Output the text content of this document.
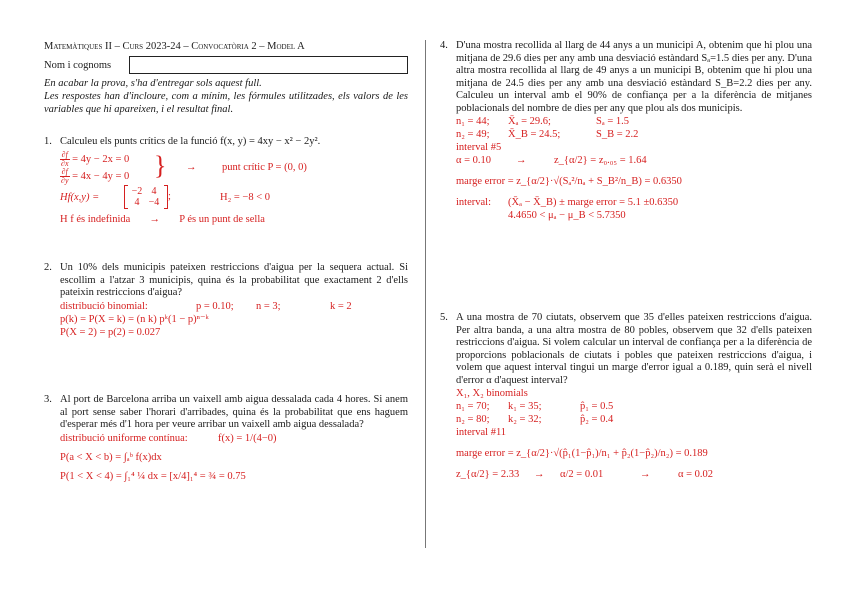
Matemàtiques II – Curs 2023-24 – Convocatòria 2 – Model A
Nom i cognoms
En acabar la prova, s'ha d'entregar sols aquest full.
Les respostes han d'incloure, com a mínim, les fórmules utilitzades, els valors de les variables que hi apareixen, i el resultat final.
1. Calculeu els punts crítics de la funció f(x, y) = 4xy − x² − 2y².
$\frac{\partial f}{\partial x} = 4y - 2x = 0$
$\frac{\partial f}{\partial y} = 4x - 4y = 0$ } → punt crític P = (0, 0)
Hf(x,y) =
−2 4
4 −4 ;	H₂ = −8 < 0
H f és indefinida → P és un punt de sella
2. Un 10% dels municipis pateixen restriccions d'aigua per la sequera actual. Si escollim a l'atzar 3 municipis, quina és la probabilitat que exactament 2 d'ells pateixin restriccions d'aigua?
distribució binomial:	p = 0.10; n = 3;	k = 2
p(k) = P(X = k) = (n k) pᵏ(1 − p)ⁿ⁻ᵏ
P(X = 2) = p(2) = 0.027
3. Al port de Barcelona arriba un vaixell amb aigua dessalada cada 4 hores. Si anem al port sense saber l'horari d'arribades, quina és la probabilitat que ens haguem d'esperar més d'1 hora per veure arribar un vaixell amb aigua dessalada?
distribució uniforme contínua:	f(x) = 1/(4−0)
P(a < X < b) = ∫ₐᵇ f(x)dx
P(1 < X < 4) = ∫₁⁴ ¼ dx = [x/4]₁⁴ = ¾ = 0.75
4. D'una mostra recollida al llarg de 44 anys a un municipi A, obtenim que hi plou una mitjana de 29.6 dies per any amb una desviació estàndard Sₐ=1.5 dies per any. D'una altra mostra recollida al llarg de 49 anys a un municipi B, obtenim que hi plou una mitjana de 24.5 dies per any amb una desviació estàndard S_B=2.2 dies per any. Calculeu un interval amb el 90% de confiança per a la diferència de mitjanes poblacionals del nombre de dies per any que plou als dos municipis.
n₁ = 44; X̄ₐ = 29.6;	Sₐ = 1.5
n₂ = 49; X̄_B = 24.5;	S_B = 2.2
interval #5
α = 0.10 →	z_{α/2} = z₀.₀₅ = 1.64
marge error = z_{α/2}·√(Sₐ²/nₐ + S_B²/n_B) = 0.6350
interval: (X̄ₐ − X̄_B) ± marge error = 5.1 ±0.6350
4.4650 < μₐ − μ_B < 5.7350
5. A una mostra de 70 ciutats, observem que 35 d'elles pateixen restriccions d'aigua. Per altra banda, a una altra mostra de 80 pobles, observem que 32 d'ells pateixen restriccions d'aigua. Si volem calcular un interval de confiança per a la diferència de proporcions poblacionals de ciutats i pobles que pateixen restriccions d'aigua, i volem que aquest interval tingui un marge d'error igual a 0.189, quin serà el nivell d'error α d'aquest interval?
X₁, X₂ binomials
n₁ = 70; k₁ = 35;	p̂₁ = 0.5
n₂ = 80; k₂ = 32;	p̂₂ = 0.4
interval #11
marge error = z_{α/2}·√(p̂₁(1−p̂₁)/n₁ + p̂₂(1−p̂₂)/n₂) = 0.189
z_{α/2} = 2.33 → α/2 = 0.01	→	α = 0.02
